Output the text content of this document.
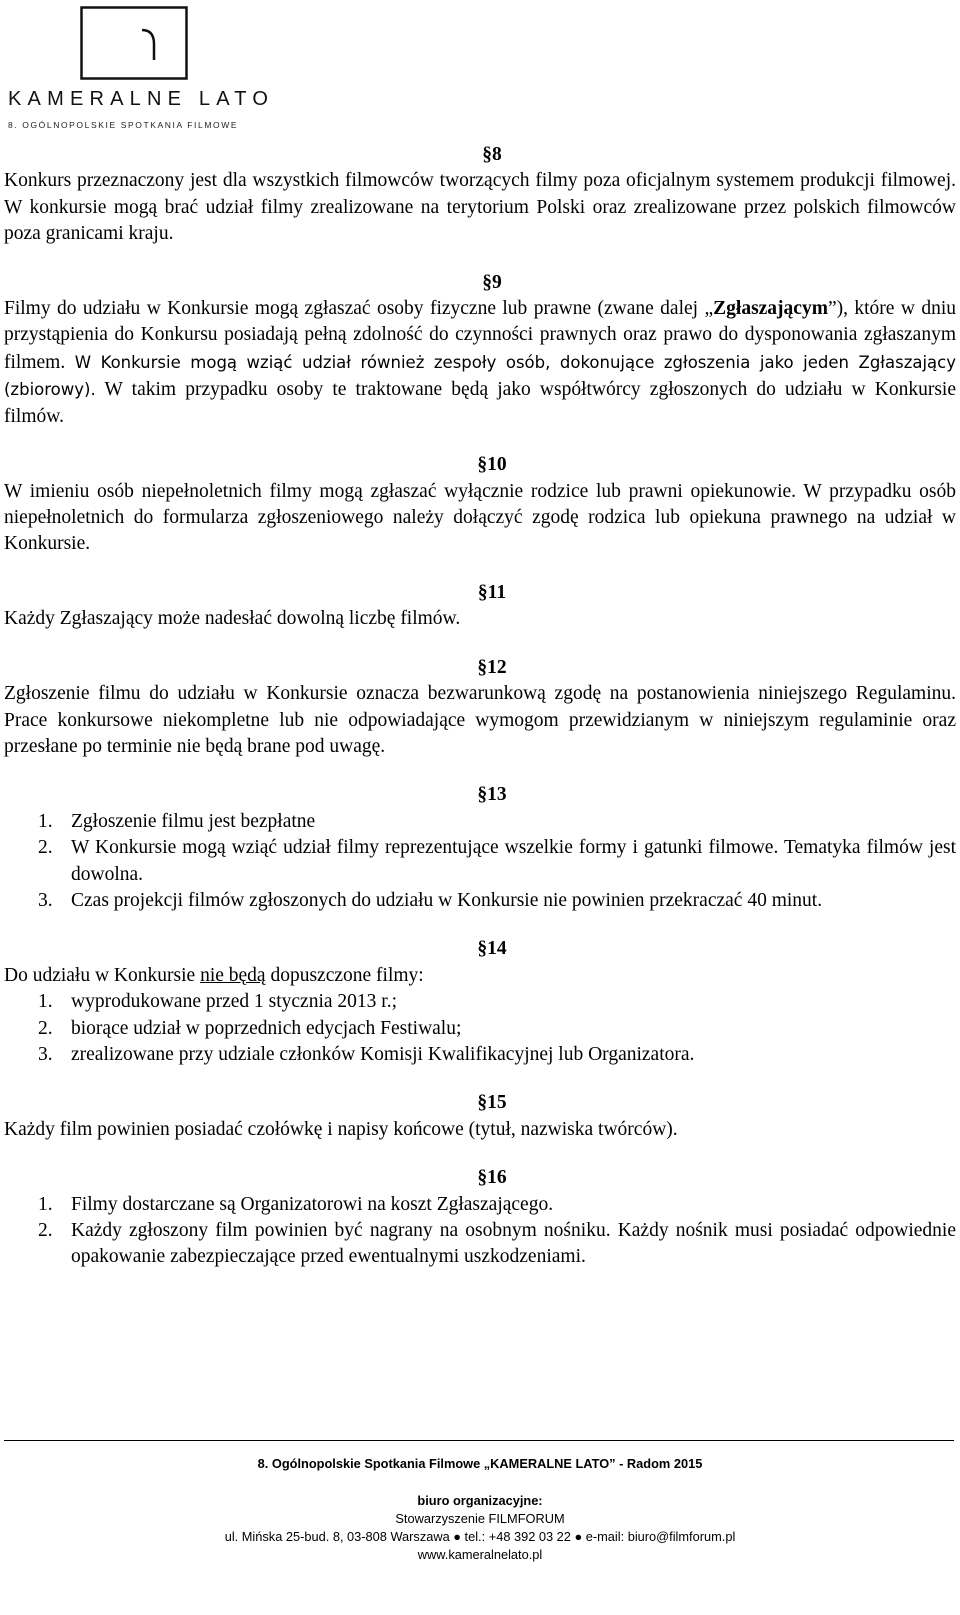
KAMERALNE LATO
8. OGÓLNOPOLSKIE SPOTKANIA FILMOWE

§8

Konkurs przeznaczony jest dla wszystkich filmowców tworzących filmy poza oficjalnym systemem produkcji filmowej. W konkursie mogą brać udział filmy zrealizowane na terytorium Polski oraz zrealizowane przez polskich filmowców poza granicami kraju.

§9

Filmy do udziału w Konkursie mogą zgłaszać osoby fizyczne lub prawne (zwane dalej „Zgłaszającym”), które w dniu przystąpienia do Konkursu posiadają pełną zdolność do czynności prawnych oraz prawo do dysponowania zgłaszanym filmem. W Konkursie mogą wziąć udział również zespoły osób, dokonujące zgłoszenia jako jeden Zgłaszający (zbiorowy). W takim przypadku osoby te traktowane będą jako współtwórcy zgłoszonych do udziału w Konkursie filmów.

§10

W imieniu osób niepełnoletnich filmy mogą zgłaszać wyłącznie rodzice lub prawni opiekunowie. W przypadku osób niepełnoletnich do formularza zgłoszeniowego należy dołączyć zgodę rodzica lub opiekuna prawnego na udział w Konkursie.

§11

Każdy Zgłaszający może nadesłać dowolną liczbę filmów.

§12

Zgłoszenie filmu do udziału w Konkursie oznacza bezwarunkową zgodę na postanowienia niniejszego Regulaminu. Prace konkursowe niekompletne lub nie odpowiadające wymogom przewidzianym w niniejszym regulaminie oraz przesłane po terminie nie będą brane pod uwagę.

§13

1. Zgłoszenie filmu jest bezpłatne
2. W Konkursie mogą wziąć udział filmy reprezentujące wszelkie formy i gatunki filmowe. Tematyka filmów jest dowolna.
3. Czas projekcji filmów zgłoszonych do udziału w Konkursie nie powinien przekraczać 40 minut.

§14

Do udziału w Konkursie nie będą dopuszczone filmy:

1. wyprodukowane przed 1 stycznia 2013 r.;
2. biorące udział w poprzednich edycjach Festiwalu;
3. zrealizowane przy udziale członków Komisji Kwalifikacyjnej lub Organizatora.

§15

Każdy film powinien posiadać czołówkę i napisy końcowe (tytuł, nazwiska twórców).

§16

1. Filmy dostarczane są Organizatorowi na koszt Zgłaszającego.
2. Każdy zgłoszony film powinien być nagrany na osobnym nośniku. Każdy nośnik musi posiadać odpowiednie opakowanie zabezpieczające przed ewentualnymi uszkodzeniami.
8. Ogólnopolskie Spotkania Filmowe „KAMERALNE LATO” - Radom 2015
biuro organizacyjne:
Stowarzyszenie FILMFORUM
ul. Mińska 25-bud. 8, 03-808 Warszawa ● tel.: +48 392 03 22 ● e-mail: biuro@filmforum.pl
www.kameralnelato.pl
